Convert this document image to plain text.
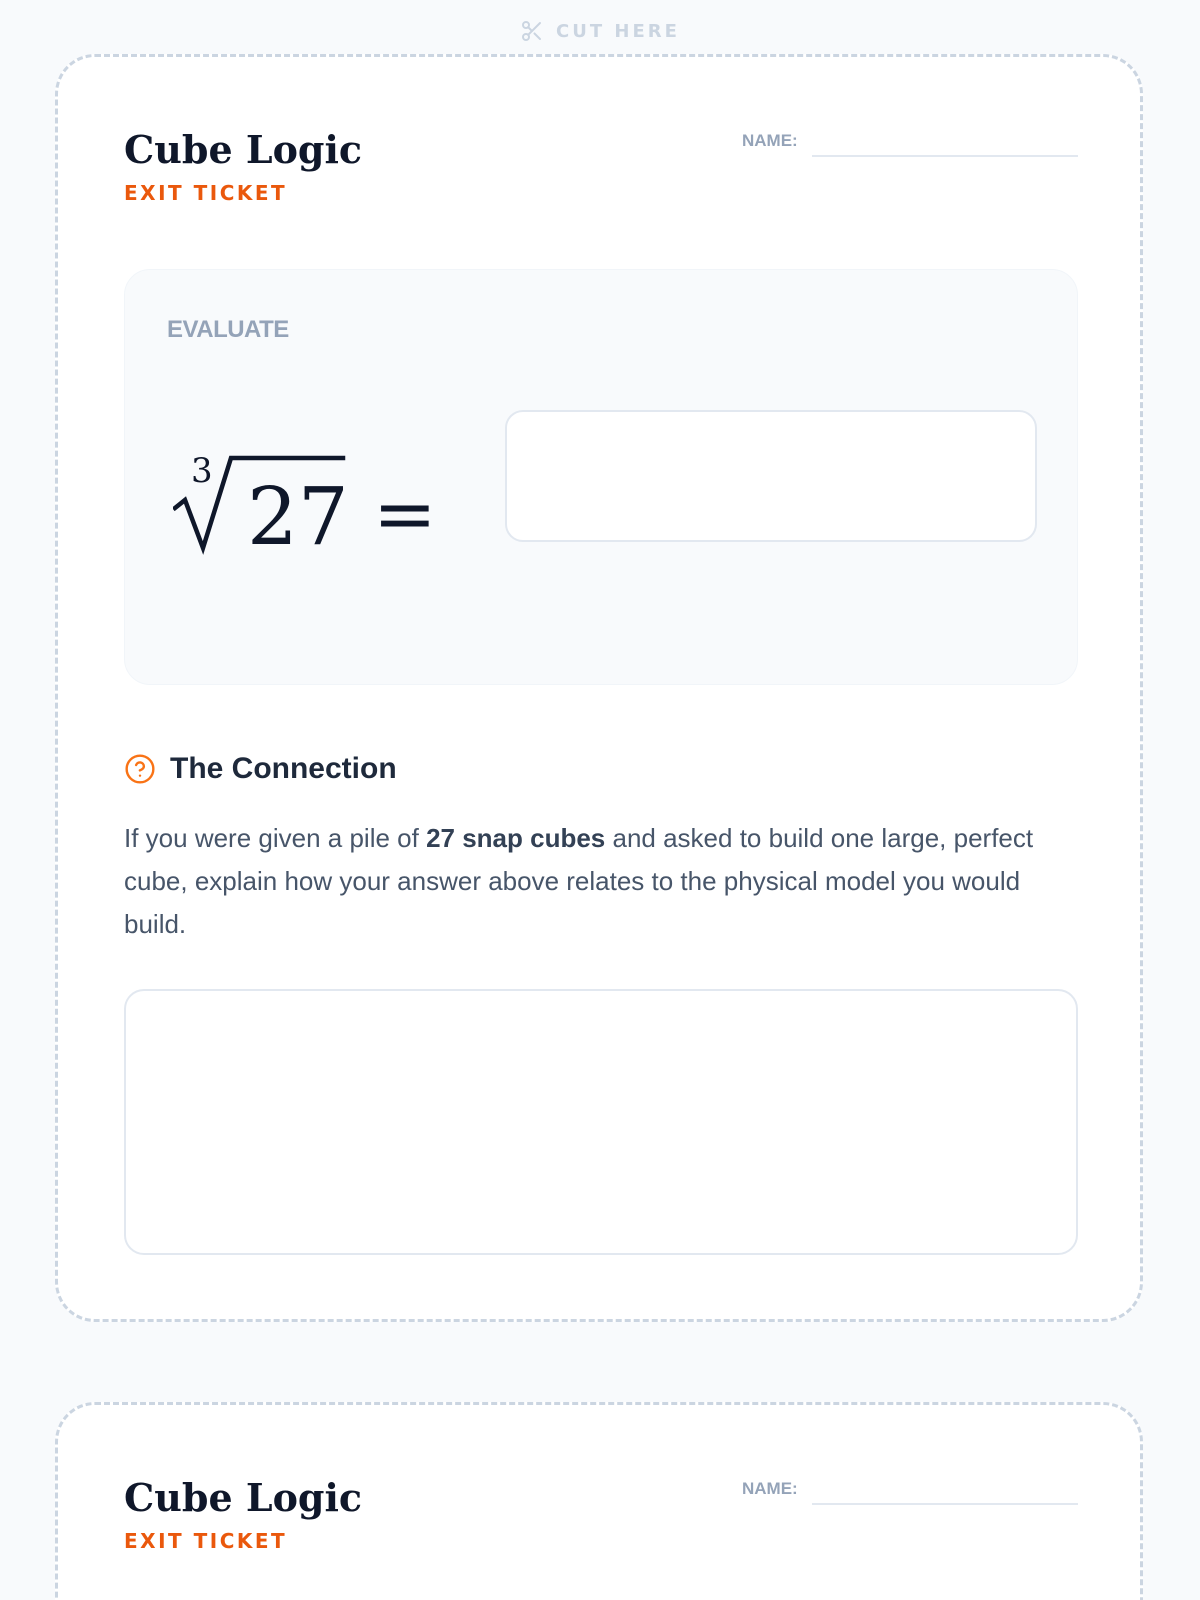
CUT HERE
Cube Logic
EXIT TICKET
NAME:
EVALUATE
3 27 =
The Connection
If you were given a pile of 27 snap cubes and asked to build one large, perfect cube, explain how your answer above relates to the physical model you would build.
Cube Logic
EXIT TICKET
NAME:
